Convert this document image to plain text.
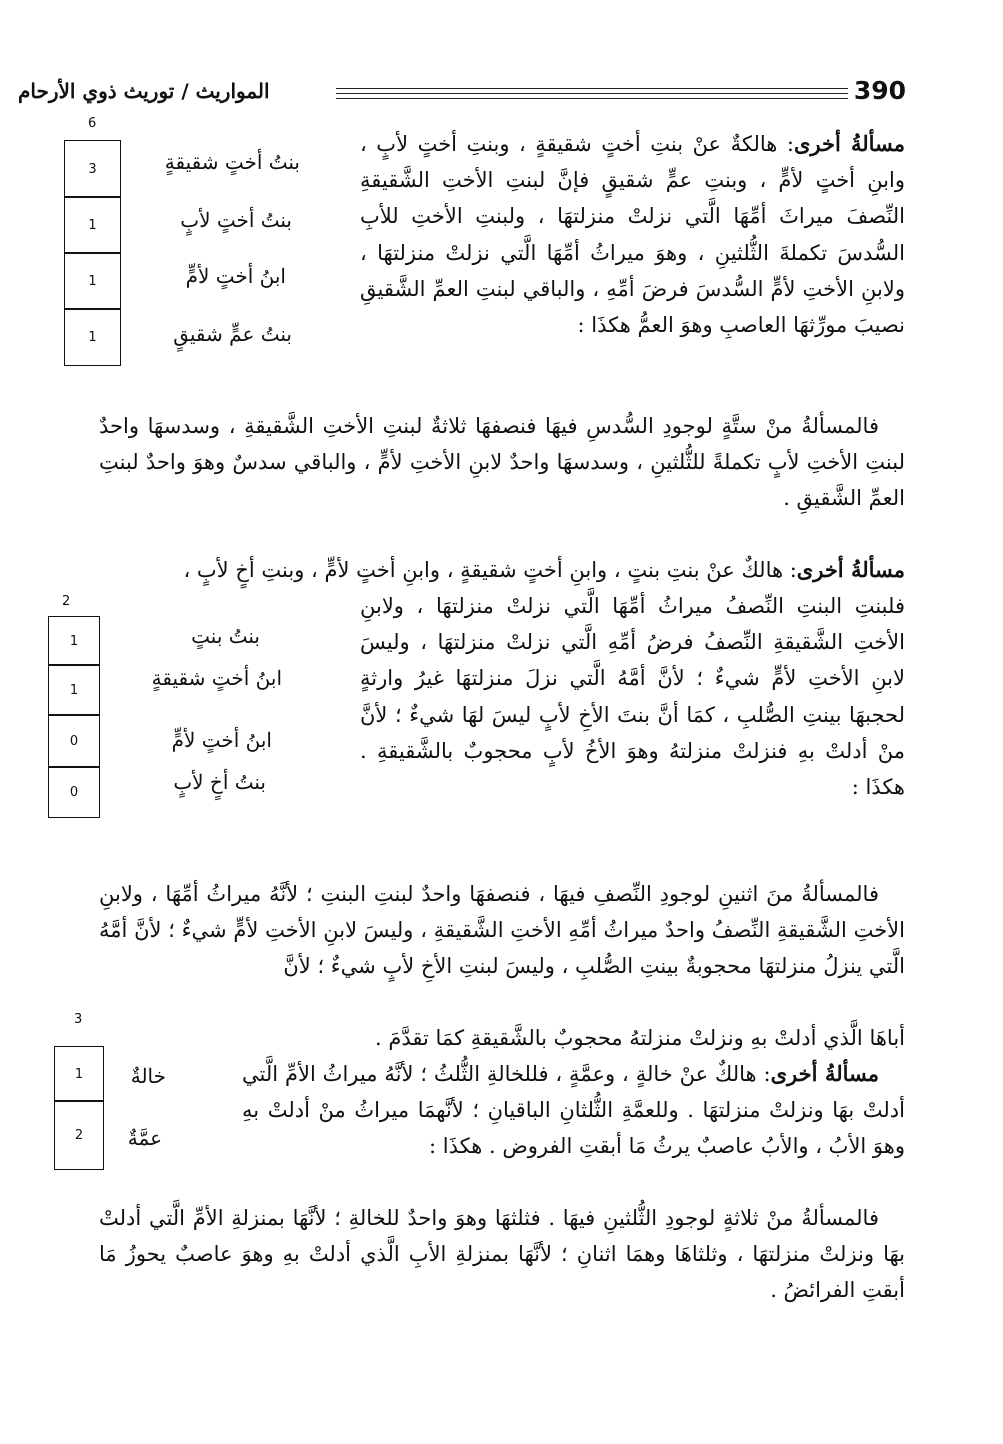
390
المواريث / توريث ذوي الأرحام

مسألةُ أخرى: هالكةٌ عنْ بنتِ أختٍ شقيقةٍ ، وبنتِ أختٍ لأبٍ ، وابنِ أختٍ لأمٍّ ، وبنتِ عمٍّ شقيقٍ فإنَّ لبنتِ الأختِ الشَّقيقةِ النِّصفَ ميراثَ أمِّهَا الَّتي نزلتْ منزلتهَا ، ولبنتِ الأختِ للأبِ السُّدسَ تكملةَ الثُّلثينِ ، وهوَ ميراثُ أمِّهَا الَّتي نزلتْ منزلتهَا ، ولابنِ الأختِ لأمٍّ السُّدسَ فرضَ أمِّهِ ، والباقي لبنتِ العمِّ الشَّقيقِ نصيبَ مورِّثهَا العاصبِ وهوَ العمُّ هكذَا :

6
3
1
1
1
بنتُ أختٍ شقيقةٍ
بنتُ أختٍ لأبٍ
ابنُ أختٍ لأمٍّ
بنتُ عمٍّ شقيقٍ

فالمسألةُ منْ ستَّةٍ لوجودِ السُّدسِ فيهَا فنصفهَا ثلاثةٌ لبنتِ الأختِ الشَّقيقةِ ، وسدسهَا واحدٌ لبنتِ الأختِ لأبٍ تكملةً للثُّلثينِ ، وسدسهَا واحدٌ لابنِ الأختِ لأمٍّ ، والباقي سدسٌ وهوَ واحدٌ لبنتِ العمِّ الشَّقيقِ .

مسألةُ أخرى: هالكٌ عنْ بنتِ بنتٍ ، وابنِ أختٍ شقيقةٍ ، وابنِ أختٍ لأمٍّ ، وبنتِ أخٍ لأبٍ ،

فلبنتِ البنتِ النِّصفُ ميراثُ أمِّهَا الَّتي نزلتْ منزلتهَا ، ولابنِ الأختِ الشَّقيقةِ النِّصفُ فرضُ أمِّهِ الَّتي نزلتْ منزلتهَا ، وليسَ لابنِ الأختِ لأمٍّ شيءٌ ؛ لأنَّ أمَّهُ الَّتي نزلَ منزلتهَا غيرُ وارثةٍ لحجبهَا بينتِ الصُّلبِ ، كمَا أنَّ بنتَ الأخِ لأبٍ ليسَ لهَا شيءٌ ؛ لأنَّ منْ أدلتْ بهِ فنزلتْ منزلتهُ وهوَ الأخُ لأبٍ محجوبٌ بالشَّقيقةِ . هكذَا :

2
1
1
0
0
بنتُ بنتٍ
ابنُ أختٍ شقيقةٍ
ابنُ أختٍ لأمٍّ
بنتُ أخٍ لأبٍ

فالمسألةُ منَ اثنينِ لوجودِ النِّصفِ فيهَا ، فنصفهَا واحدٌ لبنتِ البنتِ ؛ لأنَّهُ ميراثُ أمِّهَا ، ولابنِ الأختِ الشَّقيقةِ النِّصفُ واحدٌ ميراثُ أمِّهِ الأختِ الشَّقيقةِ ، وليسَ لابنِ الأختِ لأمٍّ شيءٌ ؛ لأنَّ أمَّهُ الَّتي ينزلُ منزلتهَا محجوبةٌ بينتِ الصُّلبِ ، وليسَ لبنتِ الأخِ لأبٍ شيءٌ ؛ لأنَّ

أباهَا الَّذي أدلتْ بهِ ونزلتْ منزلتهُ محجوبٌ بالشَّقيقةِ كمَا تقدَّمَ .

مسألةُ أخرى: هالكٌ عنْ خالةٍ ، وعمَّةٍ ، فللخالةِ الثُّلثُ ؛ لأنَّهُ ميراثُ الأمِّ الَّتي أدلتْ بهَا ونزلتْ منزلتهَا . وللعمَّةِ الثُّلثانِ الباقيانِ ؛ لأنَّهمَا ميراثُ منْ أدلتْ بهِ وهوَ الأبُ ، والأبُ عاصبٌ يرثُ مَا أبقتِ الفروض . هكذَا :

3
1
2
خالةٌ
عمَّةٌ

فالمسألةُ منْ ثلاثةٍ لوجودِ الثُّلثينِ فيهَا . فثلثهَا وهوَ واحدٌ للخالةِ ؛ لأنَّهَا بمنزلةِ الأمِّ الَّتي أدلتْ بهَا ونزلتْ منزلتهَا ، وثلثاهَا وهمَا اثنانِ ؛ لأنَّهَا بمنزلةِ الأبِ الَّذي أدلتْ بهِ وهوَ عاصبٌ يحوزُ مَا أبقتِ الفرائضُ .
